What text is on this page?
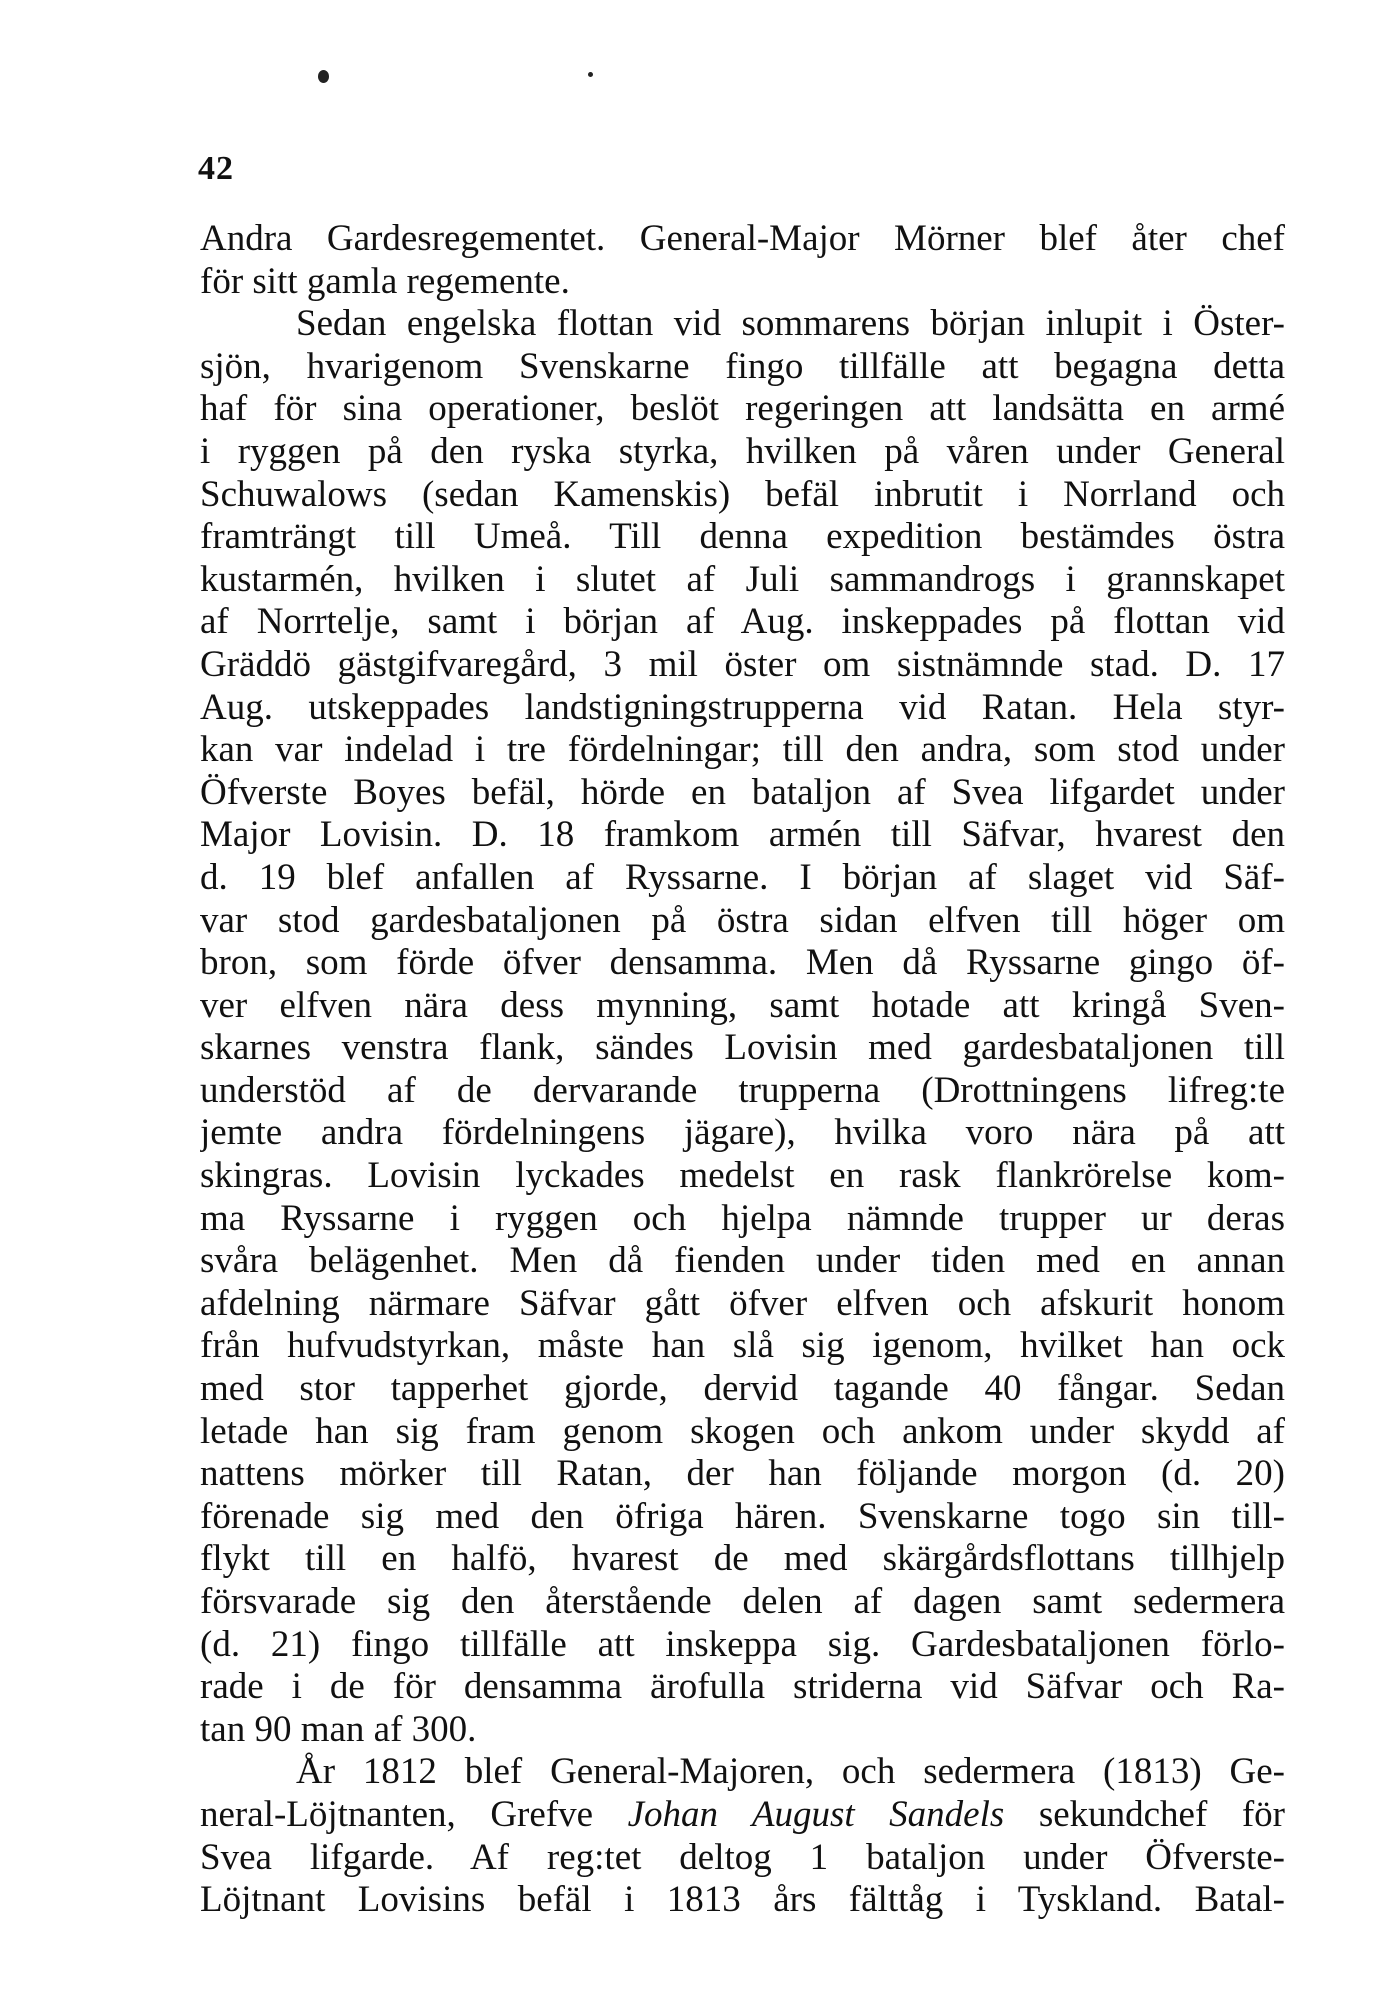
42
Andra Gardesregementet. General-Major Mörner blef åter chef
för sitt gamla regemente.
Sedan engelska flottan vid sommarens början inlupit i Öster-
sjön, hvarigenom Svenskarne fingo tillfälle att begagna detta
haf för sina operationer, beslöt regeringen att landsätta en armé
i ryggen på den ryska styrka, hvilken på våren under General
Schuwalows (sedan Kamenskis) befäl inbrutit i Norrland och
framträngt till Umeå. Till denna expedition bestämdes östra
kustarmén, hvilken i slutet af Juli sammandrogs i grannskapet
af Norrtelje, samt i början af Aug. inskeppades på flottan vid
Gräddö gästgifvaregård, 3 mil öster om sistnämnde stad. D. 17
Aug. utskeppades landstigningstrupperna vid Ratan. Hela styr-
kan var indelad i tre fördelningar; till den andra, som stod under
Öfverste Boyes befäl, hörde en bataljon af Svea lifgardet under
Major Lovisin. D. 18 framkom armén till Säfvar, hvarest den
d. 19 blef anfallen af Ryssarne. I början af slaget vid Säf-
var stod gardesbataljonen på östra sidan elfven till höger om
bron, som förde öfver densamma. Men då Ryssarne gingo öf-
ver elfven nära dess mynning, samt hotade att kringå Sven-
skarnes venstra flank, sändes Lovisin med gardesbataljonen till
understöd af de dervarande trupperna (Drottningens lifreg:te
jemte andra fördelningens jägare), hvilka voro nära på att
skingras. Lovisin lyckades medelst en rask flankrörelse kom-
ma Ryssarne i ryggen och hjelpa nämnde trupper ur deras
svåra belägenhet. Men då fienden under tiden med en annan
afdelning närmare Säfvar gått öfver elfven och afskurit honom
från hufvudstyrkan, måste han slå sig igenom, hvilket han ock
med stor tapperhet gjorde, dervid tagande 40 fångar. Sedan
letade han sig fram genom skogen och ankom under skydd af
nattens mörker till Ratan, der han följande morgon (d. 20)
förenade sig med den öfriga hären. Svenskarne togo sin till-
flykt till en halfö, hvarest de med skärgårdsflottans tillhjelp
försvarade sig den återstående delen af dagen samt sedermera
(d. 21) fingo tillfälle att inskeppa sig. Gardesbataljonen förlo-
rade i de för densamma ärofulla striderna vid Säfvar och Ra-
tan 90 man af 300.
År 1812 blef General-Majoren, och sedermera (1813) Ge-
neral-Löjtnanten, Grefve Johan August Sandels sekundchef för
Svea lifgarde. Af reg:tet deltog 1 bataljon under Öfverste-
Löjtnant Lovisins befäl i 1813 års fälttåg i Tyskland. Batal-
